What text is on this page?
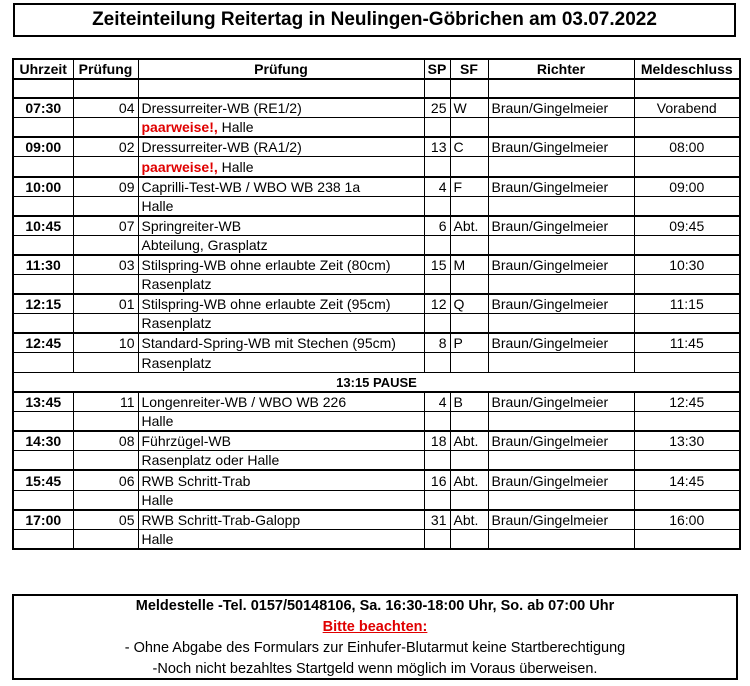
Zeiteinteilung Reitertag in Neulingen-Göbrichen am 03.07.2022
Uhrzeit	Prüfung	Prüfung	SP	SF	Richter	Meldeschluss

07:30	04	Dressurreiter-WB (RE1/2)	25	W	Braun/Gingelmeier	Vorabend
		paarweise!, Halle				
09:00	02	Dressurreiter-WB (RA1/2)	13	C	Braun/Gingelmeier	08:00
		paarweise!, Halle				
10:00	09	Caprilli-Test-WB / WBO WB 238 1a	4	F	Braun/Gingelmeier	09:00
		Halle				
10:45	07	Springreiter-WB	6	Abt.	Braun/Gingelmeier	09:45
		Abteilung, Grasplatz				
11:30	03	Stilspring-WB ohne erlaubte Zeit (80cm)	15	M	Braun/Gingelmeier	10:30
		Rasenplatz				
12:15	01	Stilspring-WB ohne erlaubte Zeit (95cm)	12	Q	Braun/Gingelmeier	11:15
		Rasenplatz				
12:45	10	Standard-Spring-WB mit Stechen (95cm)	8	P	Braun/Gingelmeier	11:45
		Rasenplatz				
13:15 PAUSE						
13:45	11	Longenreiter-WB / WBO WB 226	4	B	Braun/Gingelmeier	12:45
		Halle				
14:30	08	Führzügel-WB	18	Abt.	Braun/Gingelmeier	13:30
		Rasenplatz oder Halle				
15:45	06	RWB Schritt-Trab	16	Abt.	Braun/Gingelmeier	14:45
		Halle				
17:00	05	RWB Schritt-Trab-Galopp	31	Abt.	Braun/Gingelmeier	16:00
		Halle				
Meldestelle -Tel. 0157/50148106, Sa. 16:30-18:00 Uhr, So. ab 07:00 Uhr
Bitte beachten:
- Ohne Abgabe des Formulars zur Einhufer-Blutarmut keine Startberechtigung
-Noch nicht bezahltes Startgeld wenn möglich im Voraus überweisen.
